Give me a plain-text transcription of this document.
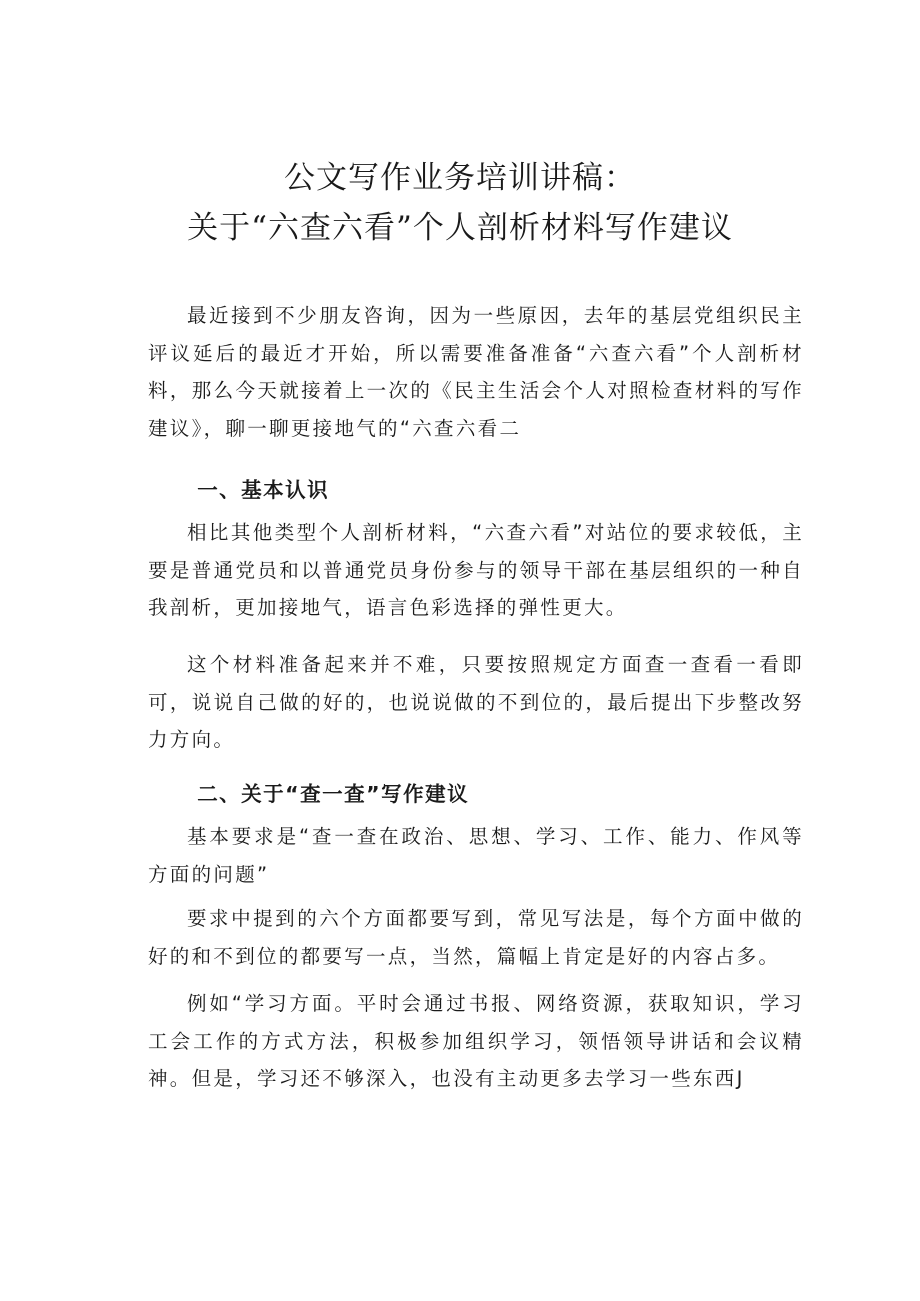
公文写作业务培训讲稿：
关于“六查六看”个人剖析材料写作建议

最近接到不少朋友咨询，因为一些原因，去年的基层党组织民主评议延后的最近才开始，所以需要准备准备“六查六看”个人剖析材料，那么今天就接着上一次的《民主生活会个人对照检查材料的写作建议》，聊一聊更接地气的“六查六看二

一、基本认识

相比其他类型个人剖析材料，“六查六看”对站位的要求较低，主要是普通党员和以普通党员身份参与的领导干部在基层组织的一种自我剖析，更加接地气，语言色彩选择的弹性更大。

这个材料准备起来并不难，只要按照规定方面查一查看一看即可，说说自己做的好的，也说说做的不到位的，最后提出下步整改努力方向。

二、关于“查一查”写作建议

基本要求是“查一查在政治、思想、学习、工作、能力、作风等方面的问题”

要求中提到的六个方面都要写到，常见写法是，每个方面中做的好的和不到位的都要写一点，当然，篇幅上肯定是好的内容占多。

例如“学习方面。平时会通过书报、网络资源，获取知识，学习工会工作的方式方法，积极参加组织学习，领悟领导讲话和会议精神。但是，学习还不够深入，也没有主动更多去学习一些东西J
